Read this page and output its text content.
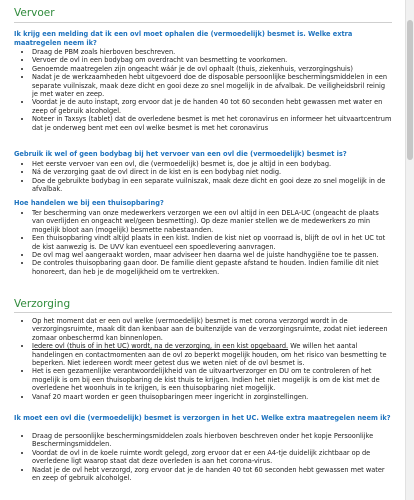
Vervoer

Ik krijg een melding dat ik een ovl moet ophalen die (vermoedelijk) besmet is. Welke extra maatregelen neem ik?

• Draag de PBM zoals hierboven beschreven.
• Vervoer de ovl in een bodybag om overdracht van besmetting te voorkomen.
• Genoemde maatregelen zijn ongeacht wáár je de ovl ophaalt (thuis, ziekenhuis, verzorgingshuis)
• Nadat je de werkzaamheden hebt uitgevoerd doe de disposable persoonlijke beschermingsmiddelen in een separate vuilniszak, maak deze dicht en gooi deze zo snel mogelijk in de afvalbak. De veiligheidsbril reinig je met water en zeep.
• Voordat je de auto instapt, zorg ervoor dat je de handen 40 tot 60 seconden hebt gewassen met water en zeep of gebruik alcoholgel.
• Noteer in Taxsys (tablet) dat de overledene besmet is met het coronavirus en informeer het uitvaartcentrum dat je onderweg bent met een ovl welke besmet is met het coronavirus

Gebruik ik wel of geen bodybag bij het vervoer van een ovl die (vermoedelijk) besmet is?

• Het eerste vervoer van een ovl, die (vermoedelijk) besmet is, doe je altijd in een bodybag.
• Ná de verzorging gaat de ovl direct in de kist en is een bodybag niet nodig.
• Doe de gebruikte bodybag in een separate vuilniszak, maak deze dicht en gooi deze zo snel mogelijk in de afvalbak.

Hoe handelen we bij een thuisopbaring?

• Ter bescherming van onze medewerkers verzorgen we een ovl altijd in een DELA-UC (ongeacht de plaats van overlijden en ongeacht wel/geen besmetting). Op deze manier stellen we de medewerkers zo min mogelijk bloot aan (mogelijk) besmette nabestaanden.
• Een thuisopbaring vindt altijd plaats in een kist. Indien de kist niet op voorraad is, blijft de ovl in het UC tot de kist aanwezig is. De UVV kan eventueel een spoedlevering aanvragen.
• De ovl mag wel aangeraakt worden, maar adviseer hen daarna wel de juiste handhygiëne toe te passen.
• De controles thuisopbaring gaan door. De familie dient gepaste afstand te houden. Indien familie dit niet honoreert, dan heb je de mogelijkheid om te vertrekken.
Verzorging
• Op het moment dat er een ovl welke (vermoedelijk) besmet is met corona verzorgd wordt in de verzorgingsruimte, maak dit dan kenbaar aan de buitenzijde van de verzorgingsruimte, zodat niet iedereen zomaar onbeschermd kan binnenlopen.
• Iedere ovl (thuis of in het UC) wordt, na de verzorging, in een kist opgebaard. We willen het aantal handelingen en contactmomenten aan de ovl zo beperkt mogelijk houden, om het risico van besmetting te beperken. Niet iedereen wordt meer getest dus we weten niet of de ovl besmet is.
• Het is een gezamenlijke verantwoordelijkheid van de uitvaartverzorger en DU om te controleren of het mogelijk is om bij een thuisopbaring de kist thuis te krijgen. Indien het niet mogelijk is om de kist met de overledene het woonhuis in te krijgen, is een thuisopbaring niet mogelijk.
• Vanaf 20 maart worden er geen thuisopbaringen meer ingericht in zorginstellingen.

Ik moet een ovl die (vermoedelijk) besmet is verzorgen in het UC. Welke extra maatregelen neem ik?

• Draag de persoonlijke beschermingsmiddelen zoals hierboven beschreven onder het kopje Persoonlijke Beschermingsmiddelen.
• Voordat de ovl in de koele ruimte wordt gelegd, zorg ervoor dat er een A4-tje duidelijk zichtbaar op de overledene ligt waarop staat dat deze overleden is aan het corona-virus.
• Nadat je de ovl hebt verzorgd, zorg ervoor dat je de handen 40 tot 60 seconden hebt gewassen met water en zeep of gebruik alcoholgel.
